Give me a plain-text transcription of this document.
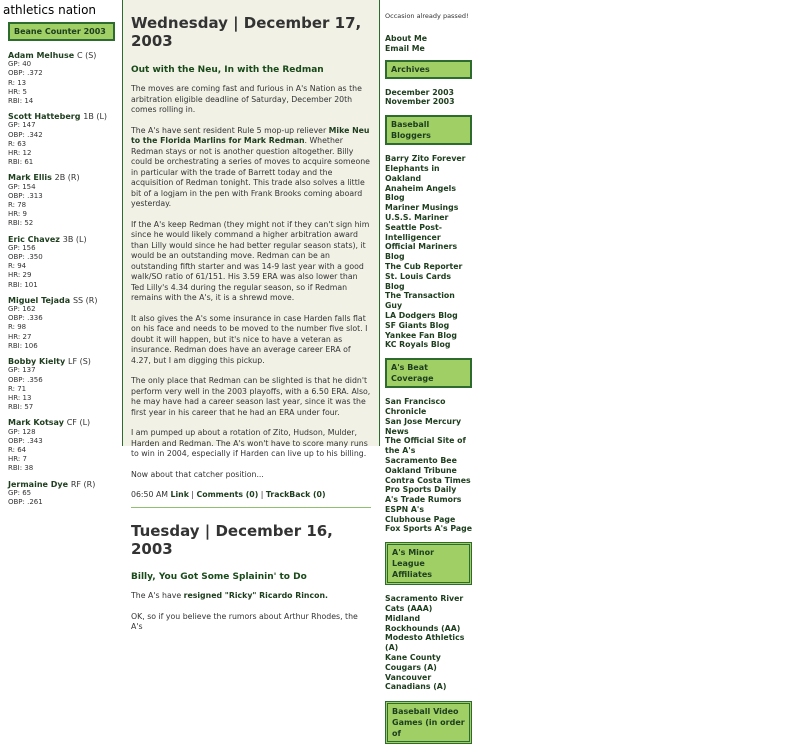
athletics nation
Beane Counter 2003
Adam Melhuse C (S)
GP: 40
OBP: .372
R: 13
HR: 5
RBI: 14
Scott Hatteberg 1B (L)
GP: 147
OBP: .342
R: 63
HR: 12
RBI: 61
Mark Ellis 2B (R)
GP: 154
OBP: .313
R: 78
HR: 9
RBI: 52
Eric Chavez 3B (L)
GP: 156
OBP: .350
R: 94
HR: 29
RBI: 101
Miguel Tejada SS (R)
GP: 162
OBP: .336
R: 98
HR: 27
RBI: 106
Bobby Kielty LF (S)
GP: 137
OBP: .356
R: 71
HR: 13
RBI: 57
Mark Kotsay CF (L)
GP: 128
OBP: .343
R: 64
HR: 7
RBI: 38
Jermaine Dye RF (R)
GP: 65
OBP: .261
Wednesday | December 17, 2003
Out with the Neu, In with the Redman

The moves are coming fast and furious in A's Nation as the arbitration eligible deadline of Saturday, December 20th comes rolling in.

The A's have sent resident Rule 5 mop-up reliever Mike Neu to the Florida Marlins for Mark Redman. Whether Redman stays or not is another question altogether. Billy could be orchestrating a series of moves to acquire someone in particular with the trade of Barrett today and the acquisition of Redman tonight. This trade also solves a little bit of a logjam in the pen with Frank Brooks coming aboard yesterday.

If the A's keep Redman (they might not if they can't sign him since he would likely command a higher arbitration award than Lilly would since he had better regular season stats), it would be an outstanding move. Redman can be an outstanding fifth starter and was 14-9 last year with a good walk/SO ratio of 61/151. His 3.59 ERA was also lower than Ted Lilly's 4.34 during the regular season, so if Redman remains with the A's, it is a shrewd move.

It also gives the A's some insurance in case Harden falls flat on his face and needs to be moved to the number five slot. I doubt it will happen, but it's nice to have a veteran as insurance. Redman does have an average career ERA of 4.27, but I am digging this pickup.

The only place that Redman can be slighted is that he didn't perform very well in the 2003 playoffs, with a 6.50 ERA. Also, he may have had a career season last year, since it was the first year in his career that he had an ERA under four.

I am pumped up about a rotation of Zito, Hudson, Mulder, Harden and Redman. The A's won't have to score many runs to win in 2004, especially if Harden can live up to his billing.

Now about that catcher position...

06:50 AM Link | Comments (0) | TrackBack (0)
Tuesday | December 16, 2003
Billy, You Got Some Splainin' to Do

The A's have resigned "Ricky" Ricardo Rincon.

OK, so if you believe the rumors about Arthur Rhodes, the A's

Occasion already passed!
About Me
Email Me
Archives
December 2003
November 2003
Baseball Bloggers
Barry Zito Forever
Elephants in Oakland
Anaheim Angels Blog
Mariner Musings
U.S.S. Mariner
Seattle Post-Intelligencer
Official Mariners Blog
The Cub Reporter
St. Louis Cards Blog
The Transaction Guy
LA Dodgers Blog
SF Giants Blog
Yankee Fan Blog
KC Royals Blog
A's Beat Coverage
San Francisco Chronicle
San Jose Mercury News
The Official Site of the A's
Sacramento Bee
Oakland Tribune
Contra Costa Times
Pro Sports Daily A's Trade Rumors
ESPN A's Clubhouse Page
Fox Sports A's Page
A's Minor League Affiliates
Sacramento River Cats (AAA)
Midland Rockhounds (AA)
Modesto Athletics (A)
Kane County Cougars (A)
Vancouver Canadians (A)
Baseball Video Games (in order of
